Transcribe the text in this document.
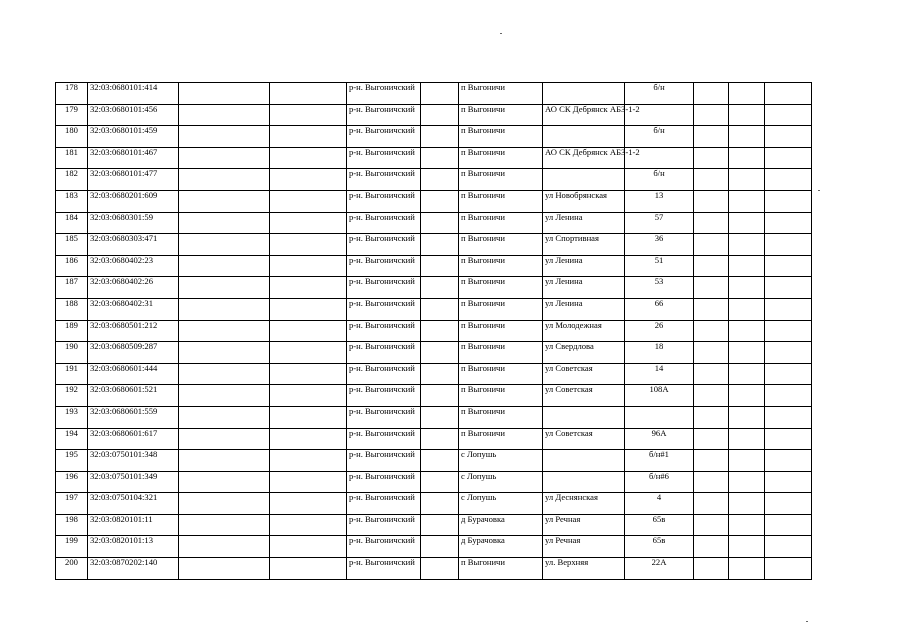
178	32:03:0680101:414			р-н. Выгоничский		п Выгоничи		б/н			
179	32:03:0680101:456			р-н. Выгоничский		п Выгоничи	АО СК Дебрянск АБЗ-1-2				
180	32:03:0680101:459			р-н. Выгоничский		п Выгоничи		б/н			
181	32:03:0680101:467			р-н. Выгоничский		п Выгоничи	АО СК Дебрянск АБЗ-1-2				
182	32:03:0680101:477			р-н. Выгоничский		п Выгоничи		б/н			
183	32:03:0680201:609			р-н. Выгоничский		п Выгоничи	ул Новобрянская	13			
184	32:03:0680301:59			р-н. Выгоничский		п Выгоничи	ул Ленина	57			
185	32:03:0680303:471			р-н. Выгоничский		п Выгоничи	ул Спортивная	36			
186	32:03:0680402:23			р-н. Выгоничский		п Выгоничи	ул Ленина	51			
187	32:03:0680402:26			р-н. Выгоничский		п Выгоничи	ул Ленина	53			
188	32:03:0680402:31			р-н. Выгоничский		п Выгоничи	ул Ленина	66			
189	32:03:0680501:212			р-н. Выгоничский		п Выгоничи	ул Молодежная	26			
190	32:03:0680509:287			р-н. Выгоничский		п Выгоничи	ул Свердлова	18			
191	32:03:0680601:444			р-н. Выгоничский		п Выгоничи	ул Советская	14			
192	32:03:0680601:521			р-н. Выгоничский		п Выгоничи	ул Советская	108А			
193	32:03:0680601:559			р-н. Выгоничский		п Выгоничи					
194	32:03:0680601:617			р-н. Выгоничский		п Выгоничи	ул Советская	96А			
195	32:03:0750101:348			р-н. Выгоничский		с Лопушь		б/н#1			
196	32:03:0750101:349			р-н. Выгоничский		с Лопушь		б/н#6			
197	32:03:0750104:321			р-н. Выгоничский		с Лопушь	ул Деснянская	4			
198	32:03:0820101:11			р-н. Выгоничский		д Бурачовка	ул Речная	65в			
199	32:03:0820101:13			р-н. Выгоничский		д Бурачовка	ул Речная	65в			
200	32:03:0870202:140			р-н. Выгоничский		п Выгоничи	ул. Верхняя	22А			
